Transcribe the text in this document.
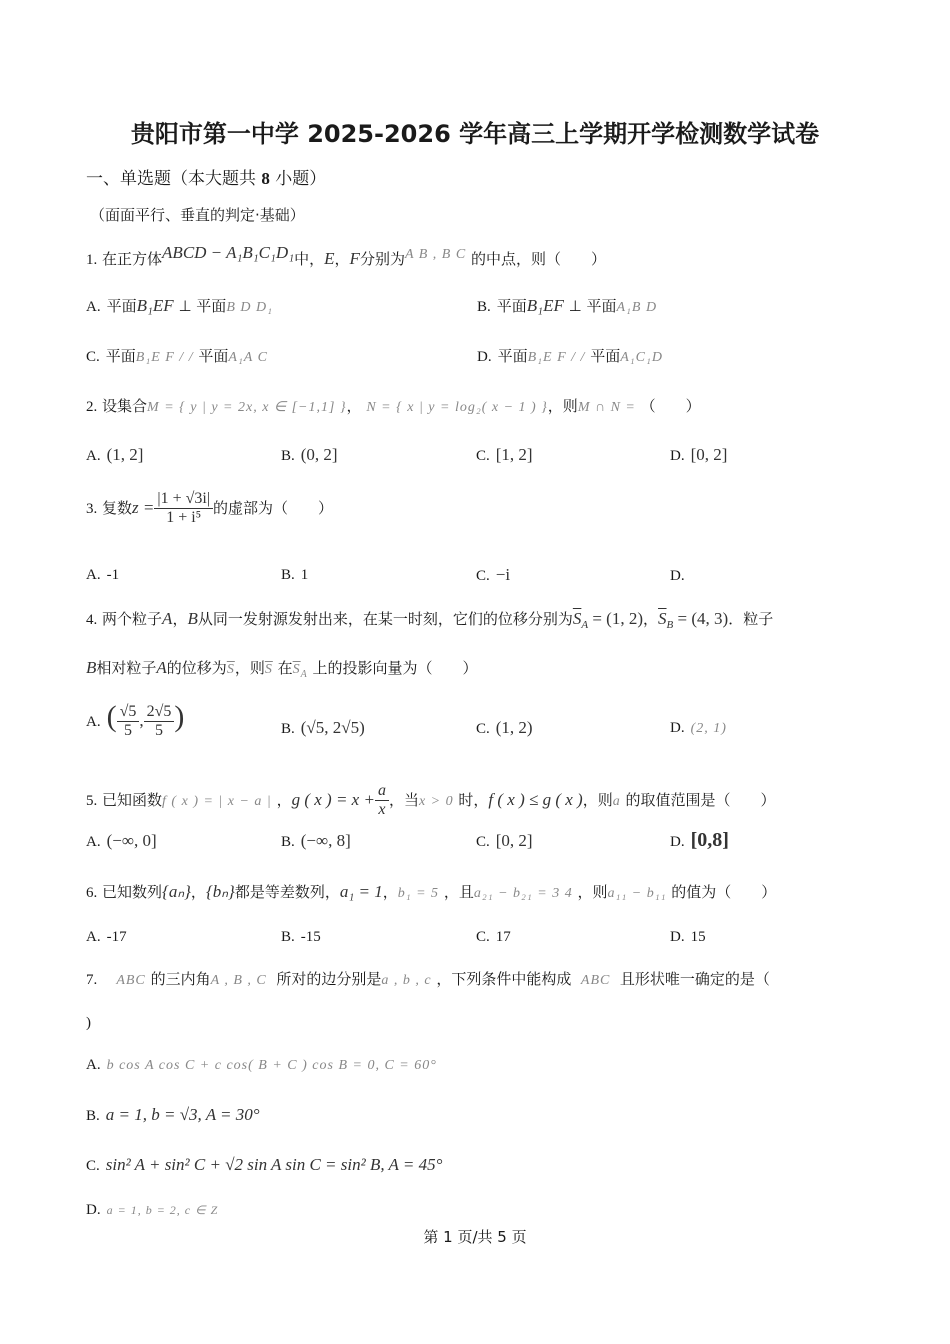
贵阳市第一中学 2025-2026 学年高三上学期开学检测数学试卷
一、单选题（本大题共 8 小题）
（面面平行、垂直的判定·基础）
1. 在正方体ABCD − A₁B₁C₁D₁中，E，F分别为A B , B C 的中点，则（　　）
A. 平面B₁EF ⊥ 平面B D D₁	B. 平面B₁EF ⊥ 平面A₁B D
C. 平面B₁E F / / 平面A₁A C	D. 平面B₁E F / / 平面A₁C₁D
2. 设集合M = { y | y = 2x, x ∈ [−1,1] }， N = { x | y = log₂( x − 1 ) }，则M ∩ N = （　　）
A. (1, 2]	B. (0, 2]	C. [1, 2]	D. [0, 2]
3. 复数$z = \frac{|1 + √3i|}{\text{1 + i⁵}}$ 的虚部为（　　）
A. -1	B. 1	C. −i	D.
4. 两个粒子A，B从同一发射源发射出来，在某一时刻，它们的位移分别为$\overline{S}_A = (1$, 2)，$\overline{S}_B = (4$, 3)．粒子
B相对粒子A的位移为$\overline{S}$，则$\overline{S}$ 在$\overline{S}_A$ 上的投影向量为（　　）
A. ( $\frac{√5}{5}$ , $\frac{2√5}{5}$ )	B. (√5, 2√5)	C. (1, 2)	D. (2, 1)
5. 已知函数f ( x ) = | x − a | ，g ( x ) = $x + \frac{a}{x}$ ，当x > 0 时，f ( x ) ≤ g ( x )，则a 的取值范围是（　　）
A. (−∞, 0]	B. (−∞, 8]	C. [0, 2]	D. [0,8]
6. 已知数列{aₙ}，{bₙ}都是等差数列，a₁ = 1，b₁ = 5 ，且a₂₁ − b₂₁ = 3 4 ，则a₁₁ − b₁₁ 的值为（　　）
A. -17	B. -15	C. 17	D. 15
7. ABC 的三内角A , B , C 所对的边分别是a , b , c ，下列条件中能构成 ABC 且形状唯一确定的是（
)
A. b cos A cos C + c cos( B + C ) cos B = 0, C = 60°
B. a = 1, b = √3, A = 30°
C. sin² A + sin² C + √2 sin A sin C = sin² B, A = 45°
D. a = 1, b = 2, c ∈ Z
第 1 页/共 5 页
